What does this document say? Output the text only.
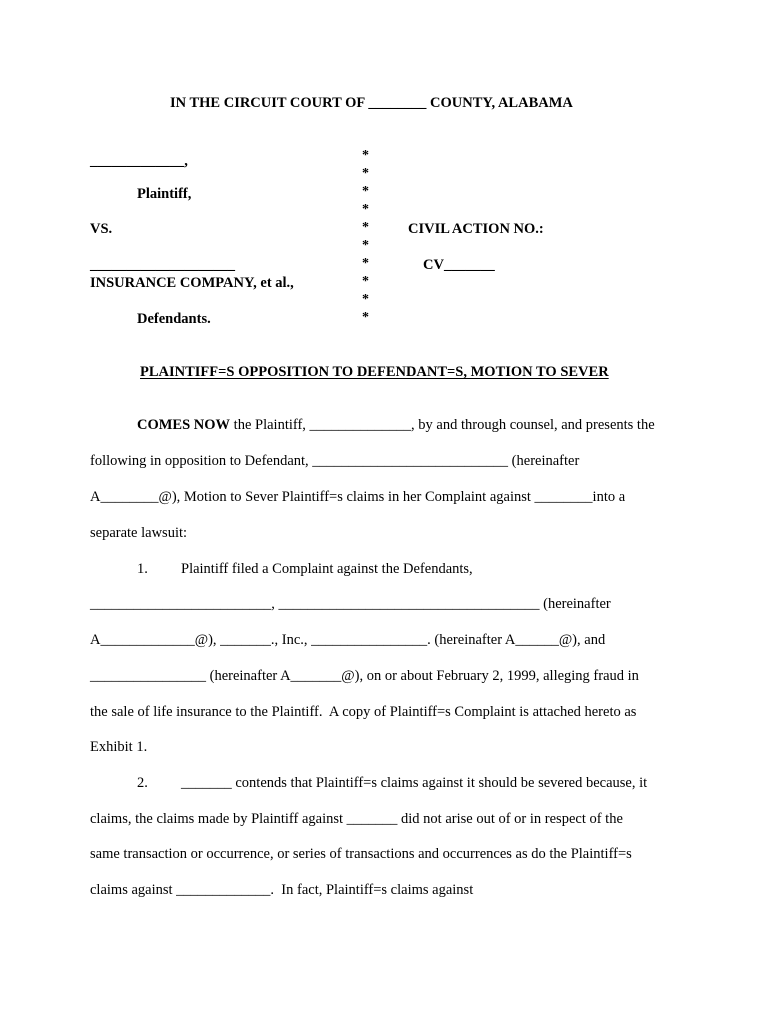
IN THE CIRCUIT COURT OF ________ COUNTY, ALABAMA
_____________,
Plaintiff,
VS.
____________________
INSURANCE COMPANY, et al.,
Defendants.
*
*
*
*
*
*
*
*
*
*
CIVIL ACTION NO.:
CV_______
PLAINTIFF=S OPPOSITION TO DEFENDANT=S, MOTION TO SEVER
COMES NOW the Plaintiff, ______________, by and through counsel, and presents the
following in opposition to Defendant, ___________________________ (hereinafter
A________@), Motion to Sever Plaintiff=s claims in her Complaint against ________into a
separate lawsuit:
1. Plaintiff filed a Complaint against the Defendants,
_________________________, ____________________________________ (hereinafter
A_____________@), _______., Inc., ________________. (hereinafter A______@), and
________________ (hereinafter A_______@), on or about February 2, 1999, alleging fraud in
the sale of life insurance to the Plaintiff.  A copy of Plaintiff=s Complaint is attached hereto as
Exhibit 1.
2. _______ contends that Plaintiff=s claims against it should be severed because, it
claims, the claims made by Plaintiff against _______ did not arise out of or in respect of the
same transaction or occurrence, or series of transactions and occurrences as do the Plaintiff=s
claims against _____________.  In fact, Plaintiff=s claims against
